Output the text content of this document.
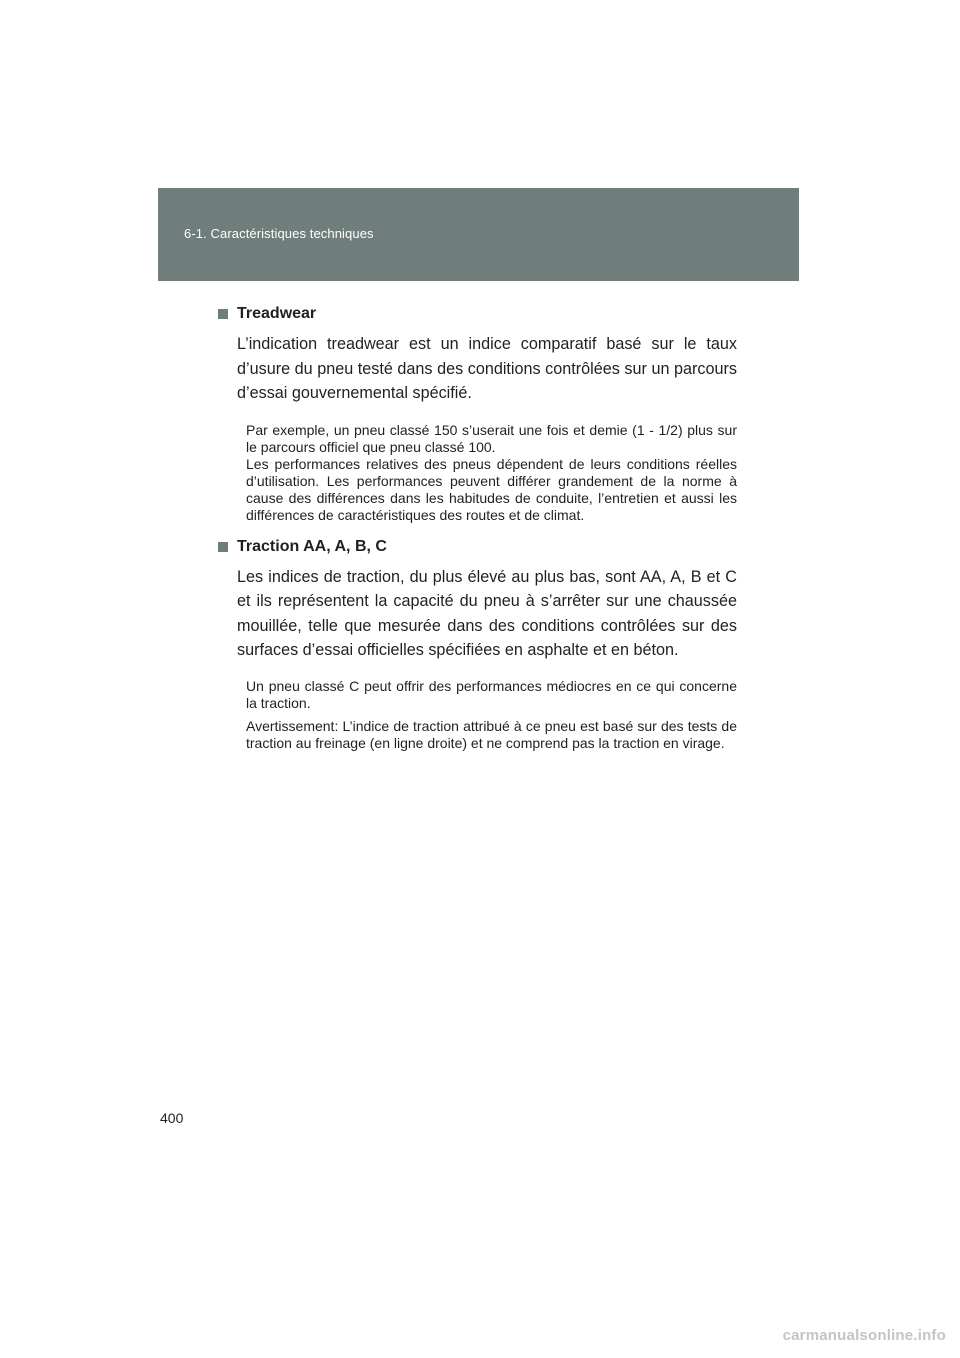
6-1. Caractéristiques techniques
Treadwear

L’indication treadwear est un indice comparatif basé sur le taux d’usure du pneu testé dans des conditions contrôlées sur un parcours d’essai gouvernemental spécifié.

Par exemple, un pneu classé 150 s’userait une fois et demie (1 - 1/2) plus sur le parcours officiel que pneu classé 100.

Les performances relatives des pneus dépendent de leurs conditions réelles d’utilisation. Les performances peuvent différer grandement de la norme à cause des différences dans les habitudes de conduite, l’entretien et aussi les différences de caractéristiques des routes et de climat.

Traction AA, A, B, C

Les indices de traction, du plus élevé au plus bas, sont AA, A, B et C et ils représentent la capacité du pneu à s’arrêter sur une chaussée mouillée, telle que mesurée dans des conditions contrôlées sur des surfaces d’essai officielles spécifiées en asphalte et en béton.

Un pneu classé C peut offrir des performances médiocres en ce qui concerne la traction.

Avertissement: L’indice de traction attribué à ce pneu est basé sur des tests de traction au freinage (en ligne droite) et ne comprend pas la traction en virage.

400
carmanualsonline.info
